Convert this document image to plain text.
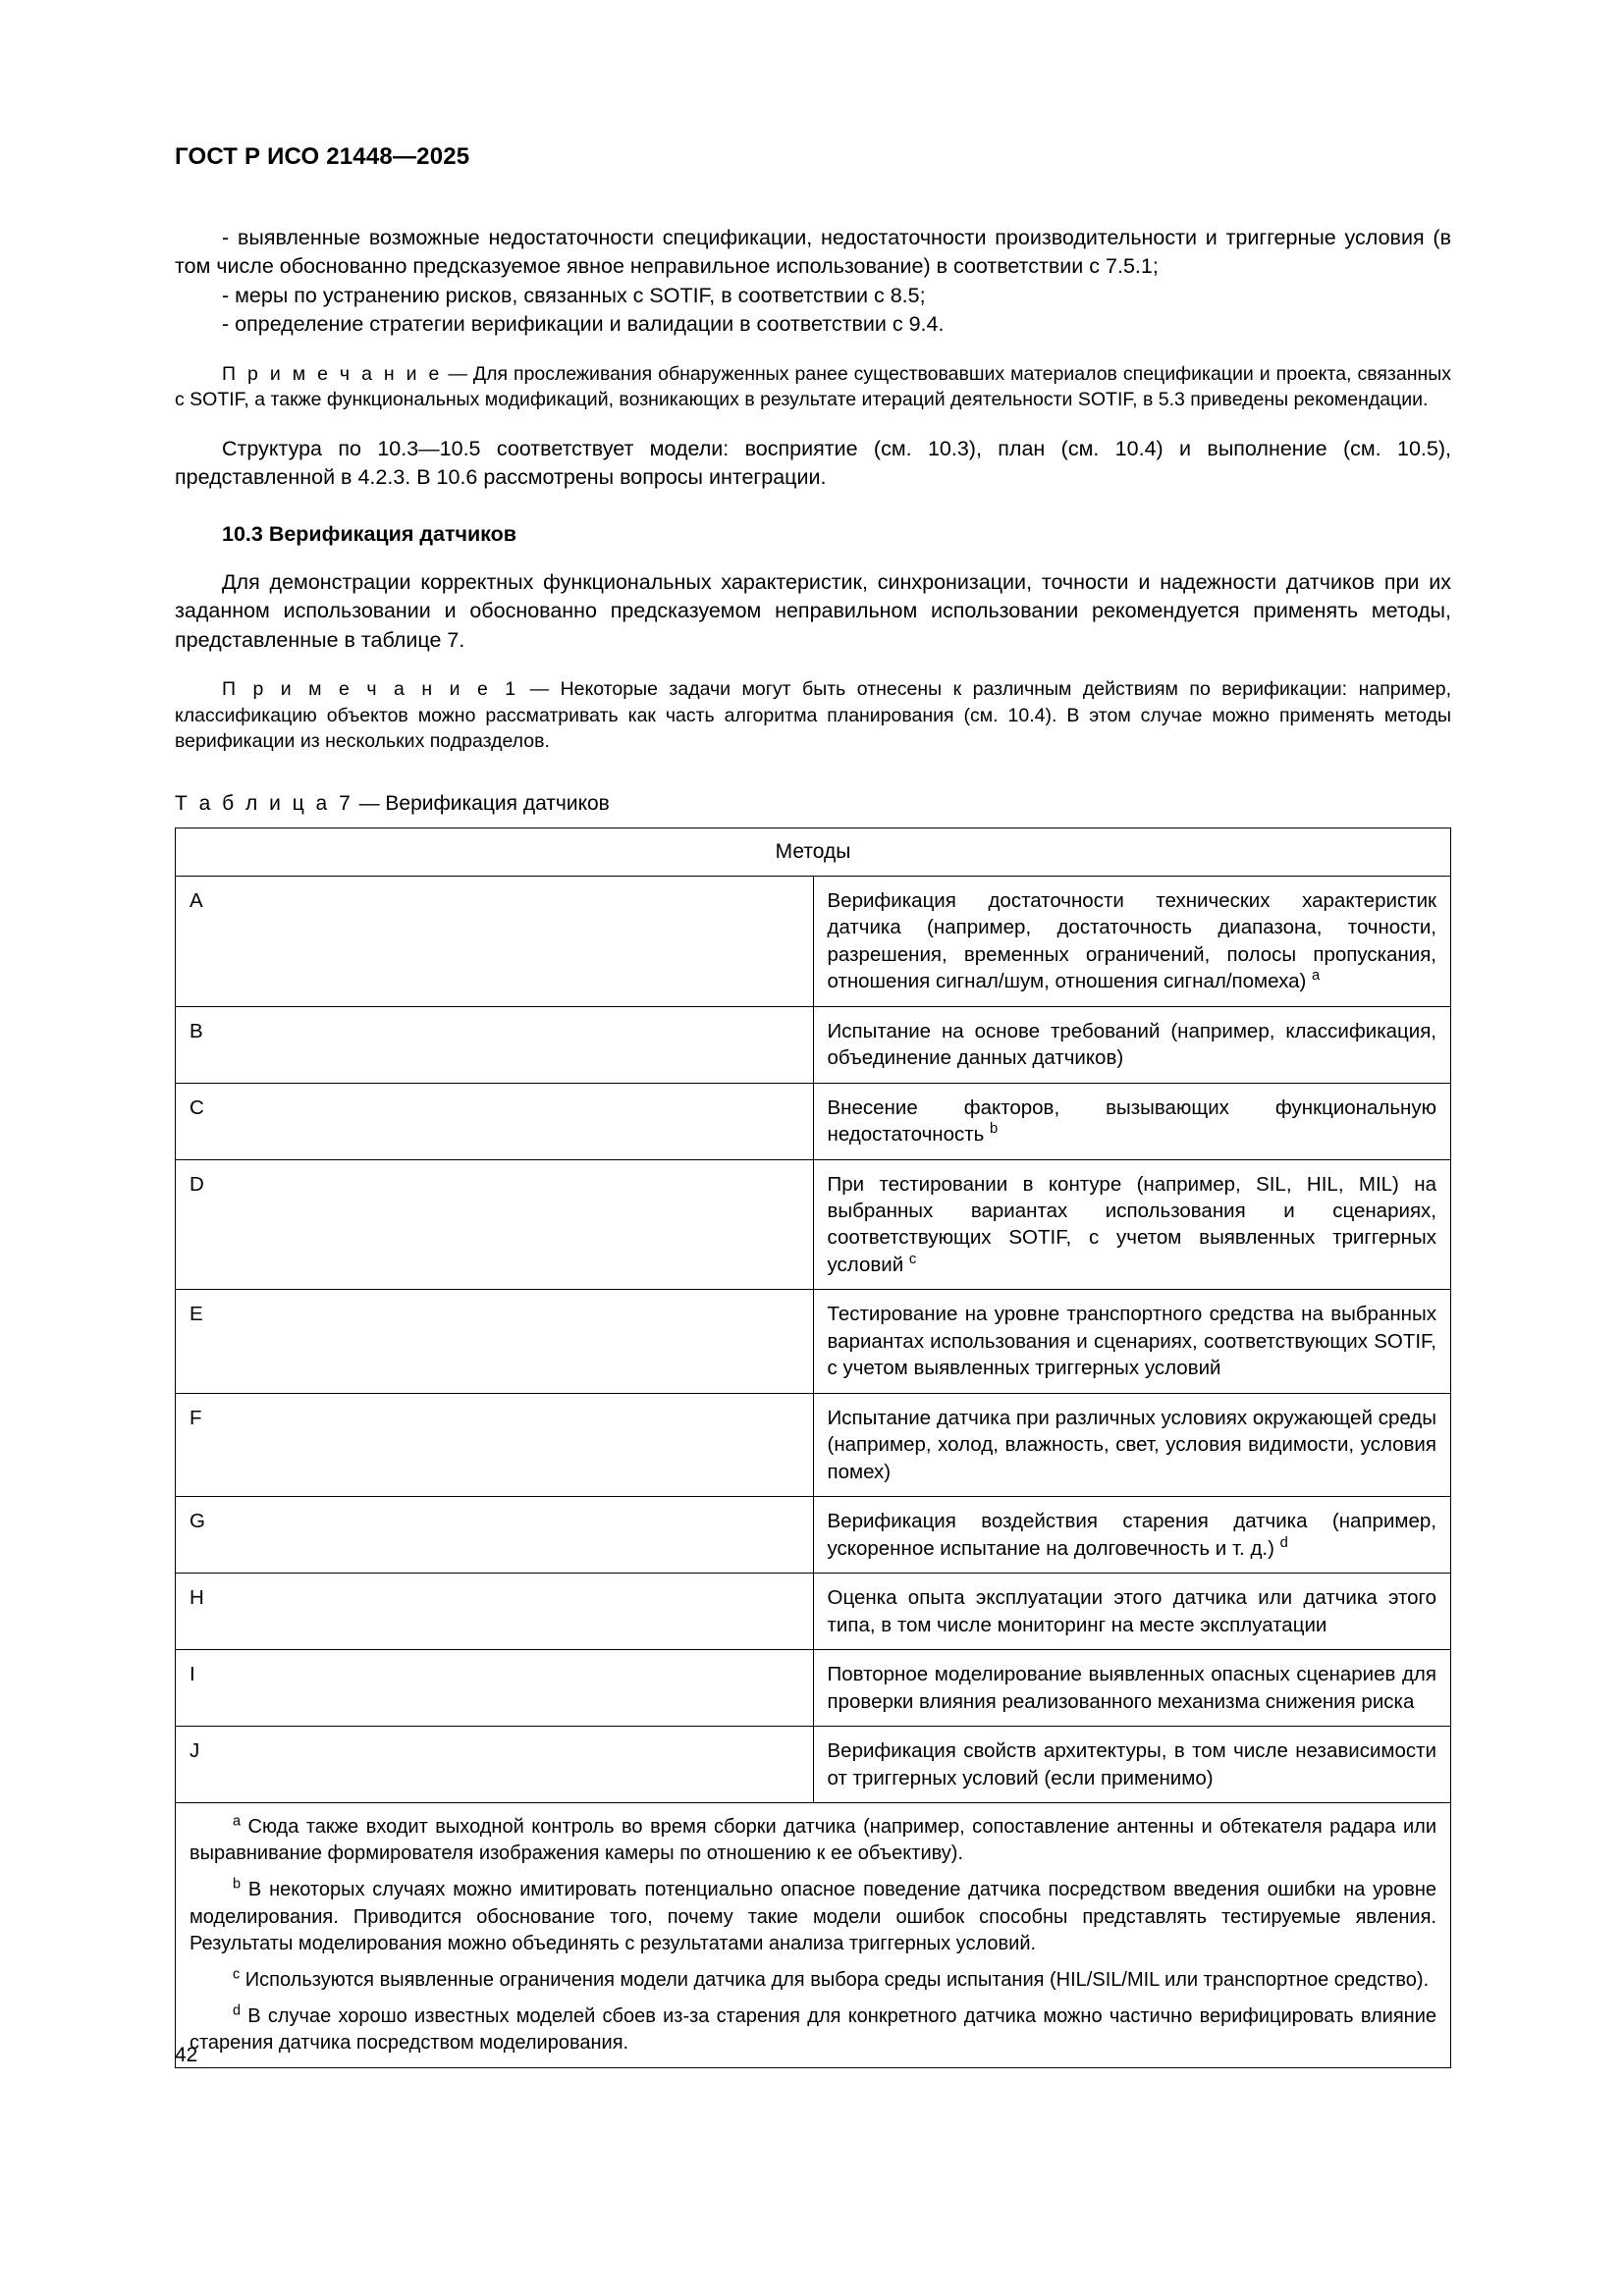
ГОСТ Р ИСО 21448—2025

- выявленные возможные недостаточности спецификации, недостаточности производительности и триггерные условия (в том числе обоснованно предсказуемое явное неправильное использование) в соответствии с 7.5.1;

- меры по устранению рисков, связанных с SOTIF, в соответствии с 8.5;

- определение стратегии верификации и валидации в соответствии с 9.4.

П р и м е ч а н и е — Для прослеживания обнаруженных ранее существовавших материалов спецификации и проекта, связанных с SOTIF, а также функциональных модификаций, возникающих в результате итераций деятельности SOTIF, в 5.3 приведены рекомендации.

Структура по 10.3—10.5 соответствует модели: восприятие (см. 10.3), план (см. 10.4) и выполнение (см. 10.5), представленной в 4.2.3. В 10.6 рассмотрены вопросы интеграции.

10.3 Верификация датчиков

Для демонстрации корректных функциональных характеристик, синхронизации, точности и надежности датчиков при их заданном использовании и обоснованно предсказуемом неправильном использовании рекомендуется применять методы, представленные в таблице 7.

П р и м е ч а н и е 1 — Некоторые задачи могут быть отнесены к различным действиям по верификации: например, классификацию объектов можно рассматривать как часть алгоритма планирования (см. 10.4). В этом случае можно применять методы верификации из нескольких подразделов.

Т а б л и ц а 7 — Верификация датчиков
Методы	
A	Верификация достаточности технических характеристик датчика (например, достаточность диапазона, точности, разрешения, временных ограничений, полосы пропускания, отношения сигнал/шум, отношения сигнал/помеха) $^a$
B	Испытание на основе требований (например, классификация, объединение данных датчиков)
C	Внесение факторов, вызывающих функциональную недостаточность $^b$
D	При тестировании в контуре (например, SIL, HIL, MIL) на выбранных вариантах использования и сценариях, соответствующих SOTIF, с учетом выявленных триггерных условий $^c$
E	Тестирование на уровне транспортного средства на выбранных вариантах использования и сценариях, соответствующих SOTIF, с учетом выявленных триггерных условий
F	Испытание датчика при различных условиях окружающей среды (например, холод, влажность, свет, условия видимости, условия помех)
G	Верификация воздействия старения датчика (например, ускоренное испытание на долговечность и т. д.) $^d$
H	Оценка опыта эксплуатации этого датчика или датчика этого типа, в том числе мониторинг на месте эксплуатации
I	Повторное моделирование выявленных опасных сценариев для проверки влияния реализованного механизма снижения риска
J	Верификация свойств архитектуры, в том числе независимости от триггерных условий (если применимо)

$^a$ Сюда также входит выходной контроль во время сборки датчика (например, сопоставление антенны и обтекателя радара или выравнивание формирователя изображения камеры по отношению к ее объективу).

$^b$ В некоторых случаях можно имитировать потенциально опасное поведение датчика посредством введения ошибки на уровне моделирования. Приводится обоснование того, почему такие модели ошибок способны представлять тестируемые явления. Результаты моделирования можно объединять с результатами анализа триггерных условий.

$^c$ Используются выявленные ограничения модели датчика для выбора среды испытания (HIL/SIL/MIL или транспортное средство).

$^d$ В случае хорошо известных моделей сбоев из-за старения для конкретного датчика можно частично верифицировать влияние старения датчика посредством моделирования.	

42
